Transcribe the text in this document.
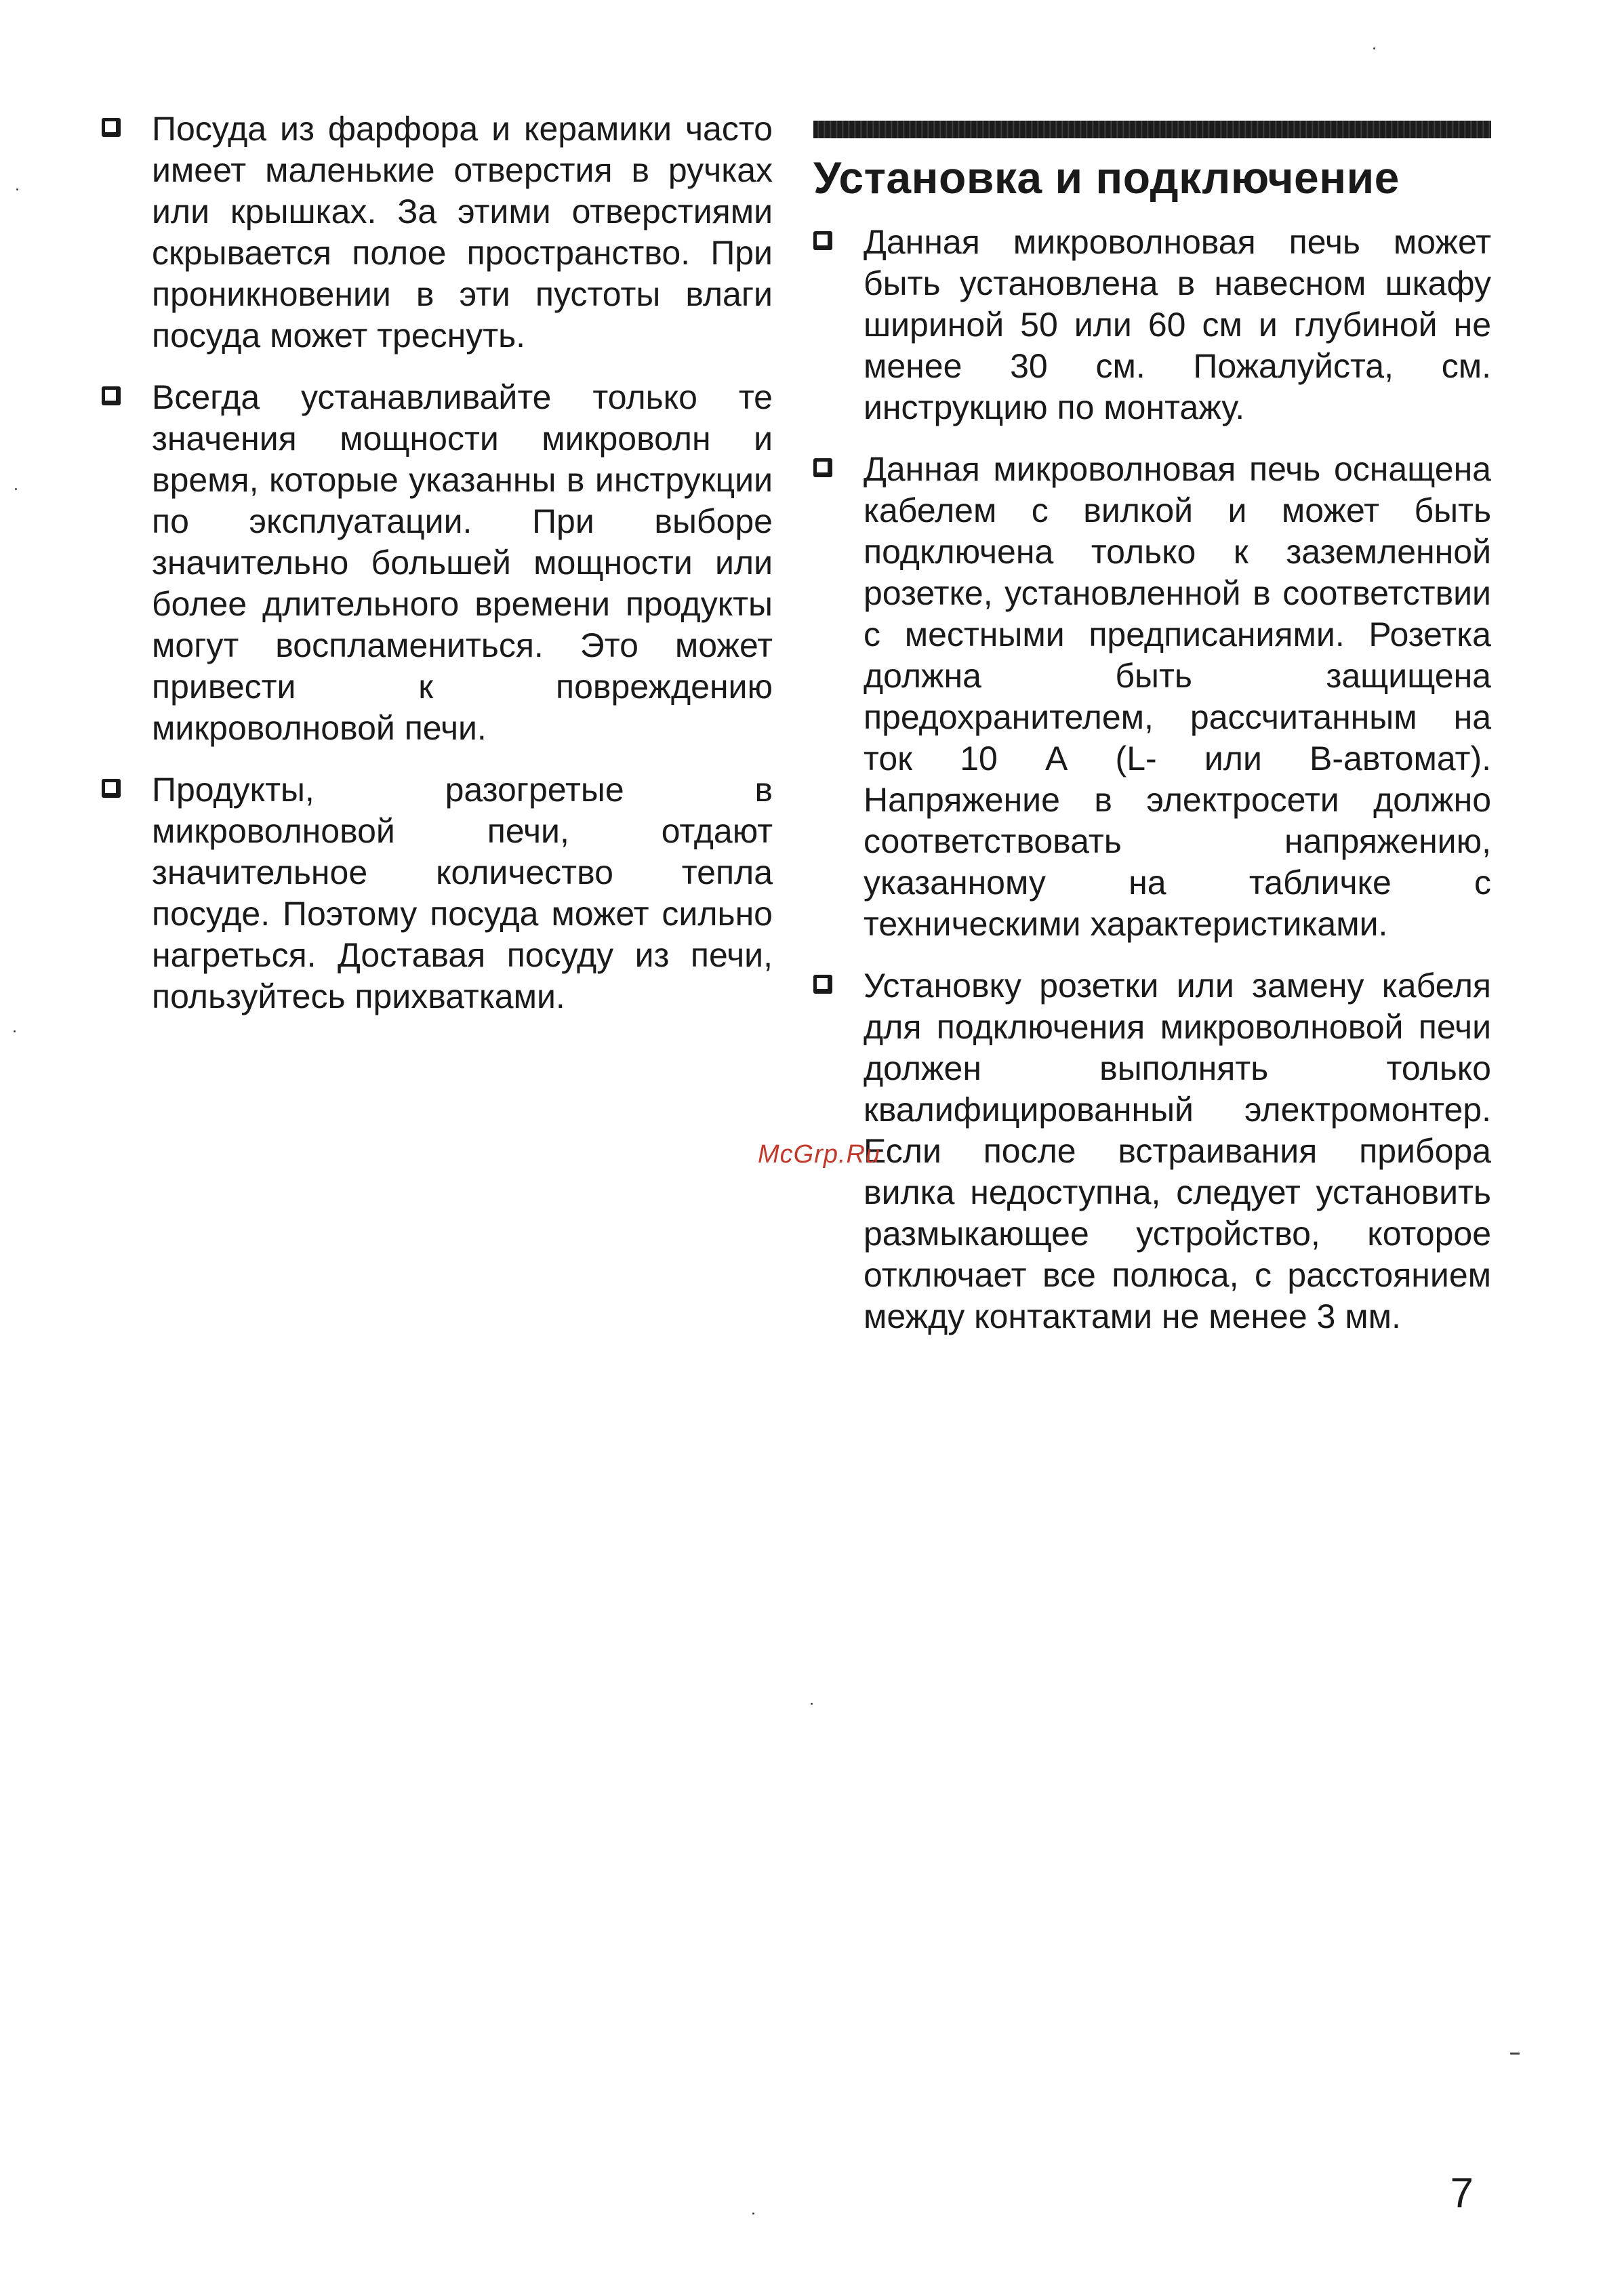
Посуда из фарфора и керамики часто имеет маленькие отверстия в ручках или крышках. За этими отверстиями скрывается полое пространство. При проникновении в эти пустоты влаги посуда может треснуть.
Всегда устанавливайте только те значения мощности микроволн и время, которые указанны в инструкции по эксплуатации. При выборе значительно большей мощности или более длительного времени продукты могут воспламениться. Это может привести к повреждению микроволновой печи.
Продукты, разогретые в микроволновой печи, отдают значительное количество тепла посуде. Поэтому посуда может сильно нагреться. Доставая посуду из печи, пользуйтесь прихватками.
Установка и подключение
Данная микроволновая печь может быть установлена в навесном шкафу шириной 50 или 60 см и глубиной не менее 30 см. Пожалуйста, см. инструкцию по монтажу.
Данная микроволновая печь оснащена кабелем с вилкой и может быть подключена только к заземленной розетке, установленной в соответствии с местными предписаниями. Розетка должна быть защищена предохранителем, рассчитанным на ток 10 А (L- или В-автомат). Напряжение в электросети должно соответствовать напряжению, указанному на табличке с техническими характеристиками.
Установку розетки или замену кабеля для подключения микроволновой печи должен выполнять только квалифицированный электромонтер. Если после встраивания прибора вилка недоступна, следует установить размыкающее устройство, которое отключает все полюса, с расстоянием между контактами не менее 3 мм.
McGrp.Ru
7
